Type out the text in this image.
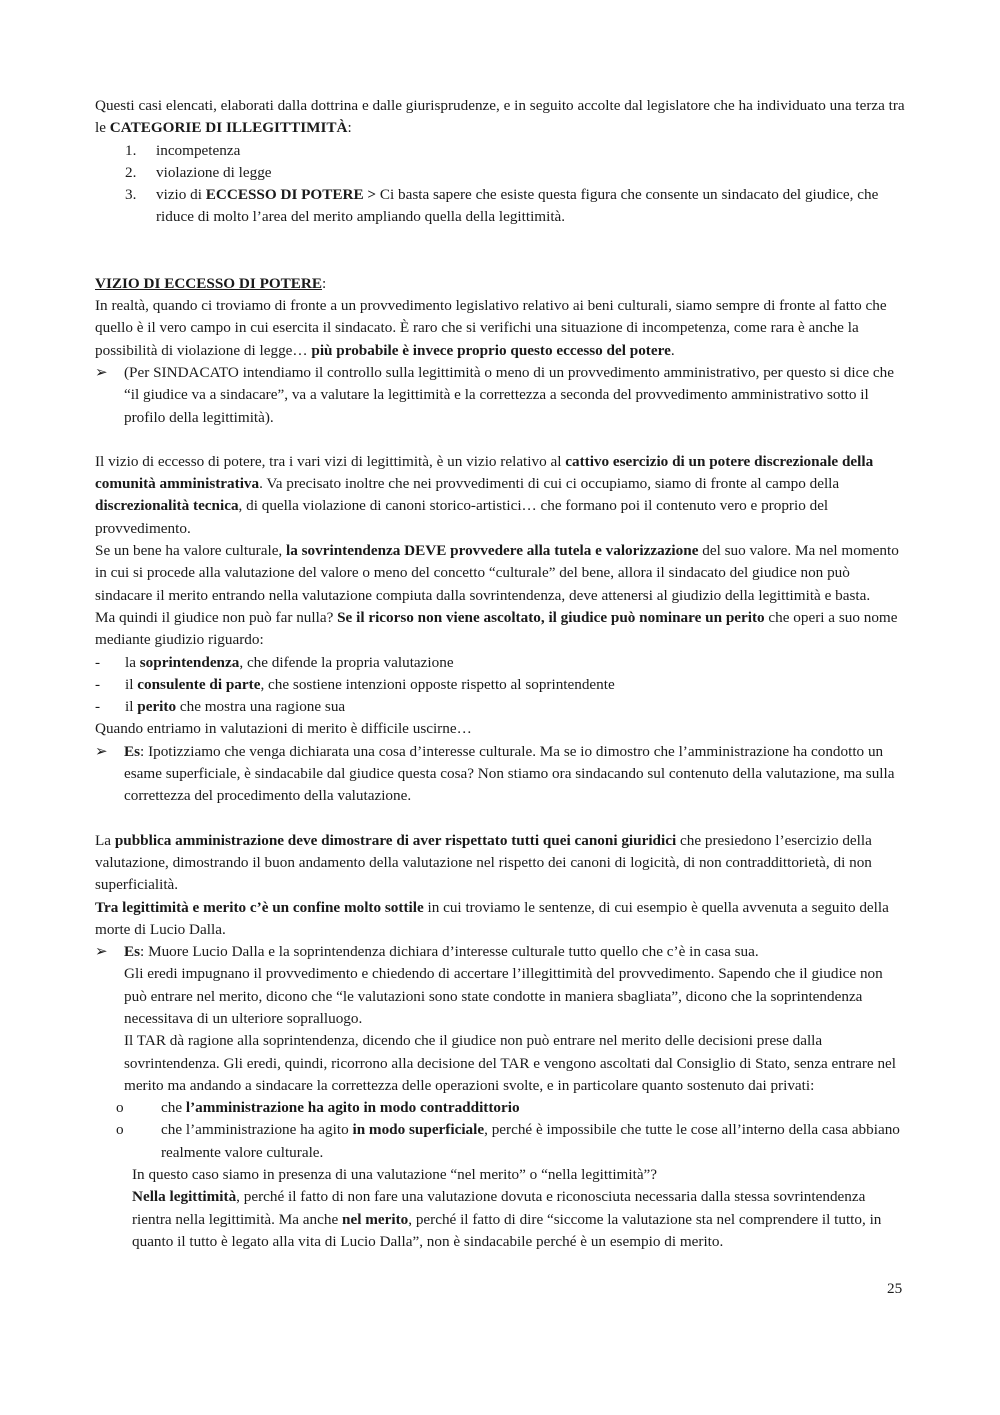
Questi casi elencati, elaborati dalla dottrina e dalle giurisprudenze, e in seguito accolte dal legislatore che ha individuato una terza tra le CATEGORIE DI ILLEGITTIMITÀ:

1. incompetenza
2. violazione di legge
3. vizio di ECCESSO DI POTERE > Ci basta sapere che esiste questa figura che consente un sindacato del giudice, che riduce di molto l’area del merito ampliando quella della legittimità.

VIZIO DI ECCESSO DI POTERE:

In realtà, quando ci troviamo di fronte a un provvedimento legislativo relativo ai beni culturali, siamo sempre di fronte al fatto che quello è il vero campo in cui esercita il sindacato. È raro che si verifichi una situazione di incompetenza, come rara è anche la possibilità di violazione di legge… più probabile è invece proprio questo eccesso del potere.

➢ (Per SINDACATO intendiamo il controllo sulla legittimità o meno di un provvedimento amministrativo, per questo si dice che “il giudice va a sindacare”, va a valutare la legittimità e la correttezza a seconda del provvedimento amministrativo sotto il profilo della legittimità).

Il vizio di eccesso di potere, tra i vari vizi di legittimità, è un vizio relativo al cattivo esercizio di un potere discrezionale della comunità amministrativa. Va precisato inoltre che nei provvedimenti di cui ci occupiamo, siamo di fronte al campo della discrezionalità tecnica, di quella violazione di canoni storico-artistici… che formano poi il contenuto vero e proprio del provvedimento.

Se un bene ha valore culturale, la sovrintendenza DEVE provvedere alla tutela e valorizzazione del suo valore. Ma nel momento in cui si procede alla valutazione del valore o meno del concetto “culturale” del bene, allora il sindacato del giudice non può sindacare il merito entrando nella valutazione compiuta dalla sovrintendenza, deve attenersi al giudizio della legittimità e basta.

Ma quindi il giudice non può far nulla? Se il ricorso non viene ascoltato, il giudice può nominare un perito che operi a suo nome mediante giudizio riguardo:

- la soprintendenza, che difende la propria valutazione

- il consulente di parte, che sostiene intenzioni opposte rispetto al soprintendente

- il perito che mostra una ragione sua

Quando entriamo in valutazioni di merito è difficile uscirne…

➢ Es: Ipotizziamo che venga dichiarata una cosa d’interesse culturale. Ma se io dimostro che l’amministrazione ha condotto un esame superficiale, è sindacabile dal giudice questa cosa? Non stiamo ora sindacando sul contenuto della valutazione, ma sulla correttezza del procedimento della valutazione.

La pubblica amministrazione deve dimostrare di aver rispettato tutti quei canoni giuridici che presiedono l’esercizio della valutazione, dimostrando il buon andamento della valutazione nel rispetto dei canoni di logicità, di non contraddittorietà, di non superficialità.

Tra legittimità e merito c’è un confine molto sottile in cui troviamo le sentenze, di cui esempio è quella avvenuta a seguito della morte di Lucio Dalla.

➢ Es: Muore Lucio Dalla e la soprintendenza dichiara d’interesse culturale tutto quello che c’è in casa sua.

Gli eredi impugnano il provvedimento e chiedendo di accertare l’illegittimità del provvedimento. Sapendo che il giudice non può entrare nel merito, dicono che “le valutazioni sono state condotte in maniera sbagliata”, dicono che la soprintendenza necessitava di un ulteriore sopralluogo.

Il TAR dà ragione alla soprintendenza, dicendo che il giudice non può entrare nel merito delle decisioni prese dalla sovrintendenza. Gli eredi, quindi, ricorrono alla decisione del TAR e vengono ascoltati dal Consiglio di Stato, senza entrare nel merito ma andando a sindacare la correttezza delle operazioni svolte, e in particolare quanto sostenuto dai privati:

o che l’amministrazione ha agito in modo contraddittorio

o che l’amministrazione ha agito in modo superficiale, perché è impossibile che tutte le cose all’interno della casa abbiano realmente valore culturale.

In questo caso siamo in presenza di una valutazione “nel merito” o “nella legittimità”?

Nella legittimità, perché il fatto di non fare una valutazione dovuta e riconosciuta necessaria dalla stessa sovrintendenza rientra nella legittimità. Ma anche nel merito, perché il fatto di dire “siccome la valutazione sta nel comprendere il tutto, in quanto il tutto è legato alla vita di Lucio Dalla”, non è sindacabile perché è un esempio di merito.

25
